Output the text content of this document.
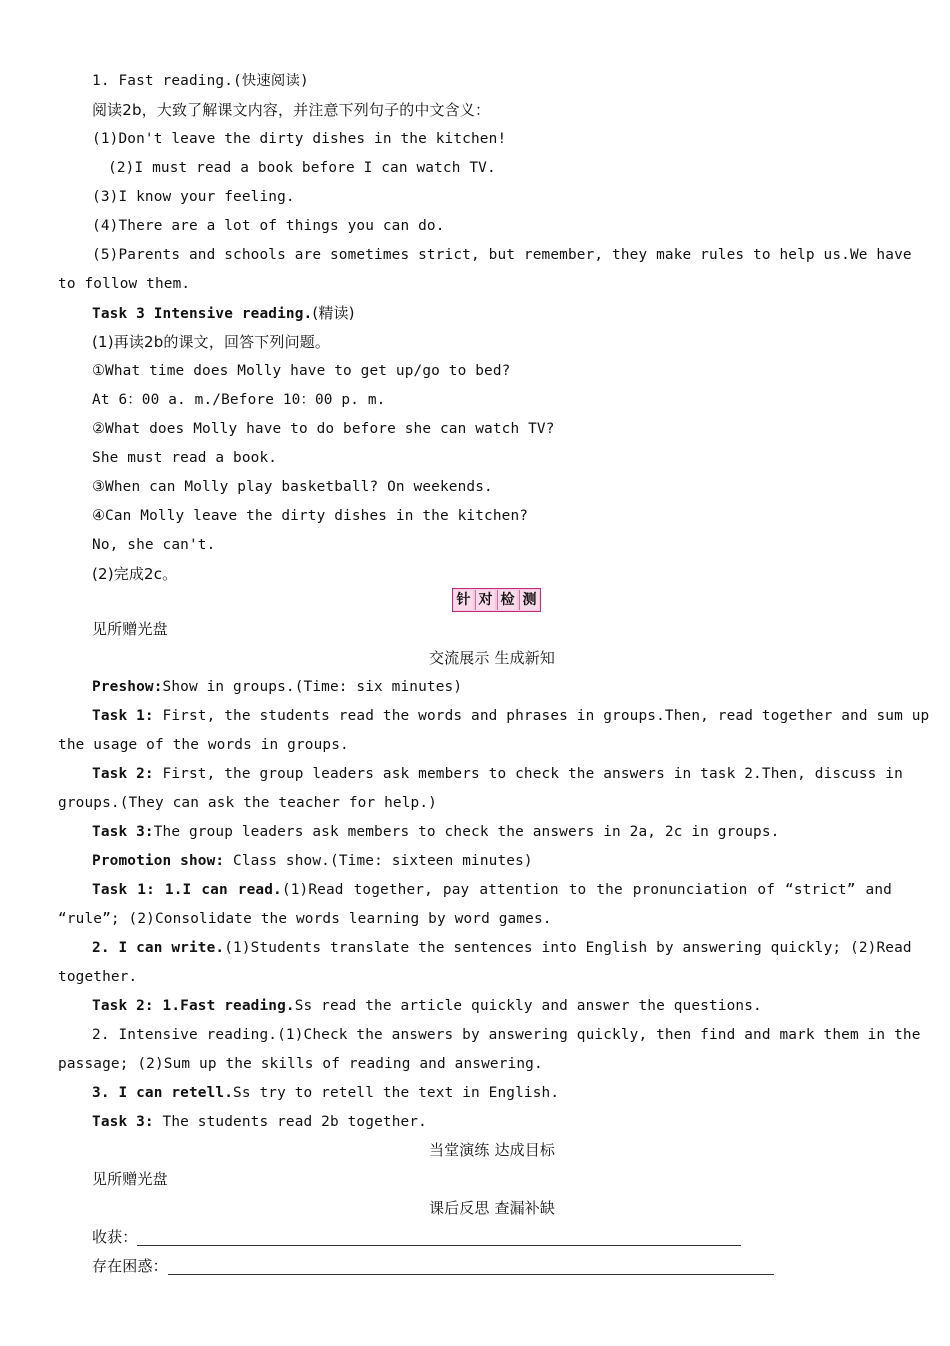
1. Fast reading.(快速阅读)
阅读2b，大致了解课文内容，并注意下列句子的中文含义：
(1)Don't leave the dirty dishes in the kitchen!
(2)I must read a book before I can watch TV.
(3)I know your feeling.
(4)There are a lot of things you can do.
(5)Parents and schools are sometimes strict, but remember, they make rules to help us.We have
to follow them.
Task 3 Intensive reading.(精读)
(1)再读2b的课文，回答下列问题。
①What time does Molly have to get up/go to bed?
At 6：00 a. m./Before 10：00 p. m.
②What does Molly have to do before she can watch TV?
She must read a book.
③When can Molly play basketball? On weekends.
④Can Molly leave the dirty dishes in the kitchen?
No, she can't.
(2)完成2c。
针 对 检 测
见所赠光盘
交流展示 生成新知
Preshow:Show in groups.(Time: six minutes)
Task 1: First, the students read the words and phrases in groups.Then, read together and sum up
the usage of the words in groups.
Task 2: First, the group leaders ask members to check the answers in task 2.Then, discuss in
groups.(They can ask the teacher for help.)
Task 3:The group leaders ask members to check the answers in 2a, 2c in groups.
Promotion show: Class show.(Time: sixteen minutes)
Task 1: 1.I can read.(1)Read together, pay attention to the pronunciation of “strict” and
“rule”; (2)Consolidate the words learning by word games.
2. I can write.(1)Students translate the sentences into English by answering quickly; (2)Read
together.
Task 2: 1.Fast reading.Ss read the article quickly and answer the questions.
2. Intensive reading.(1)Check the answers by answering quickly, then find and mark them in the
passage; (2)Sum up the skills of reading and answering.
3. I can retell.Ss try to retell the text in English.
Task 3: The students read 2b together.
当堂演练 达成目标
见所赠光盘
课后反思 查漏补缺
收获：
存在困惑：
